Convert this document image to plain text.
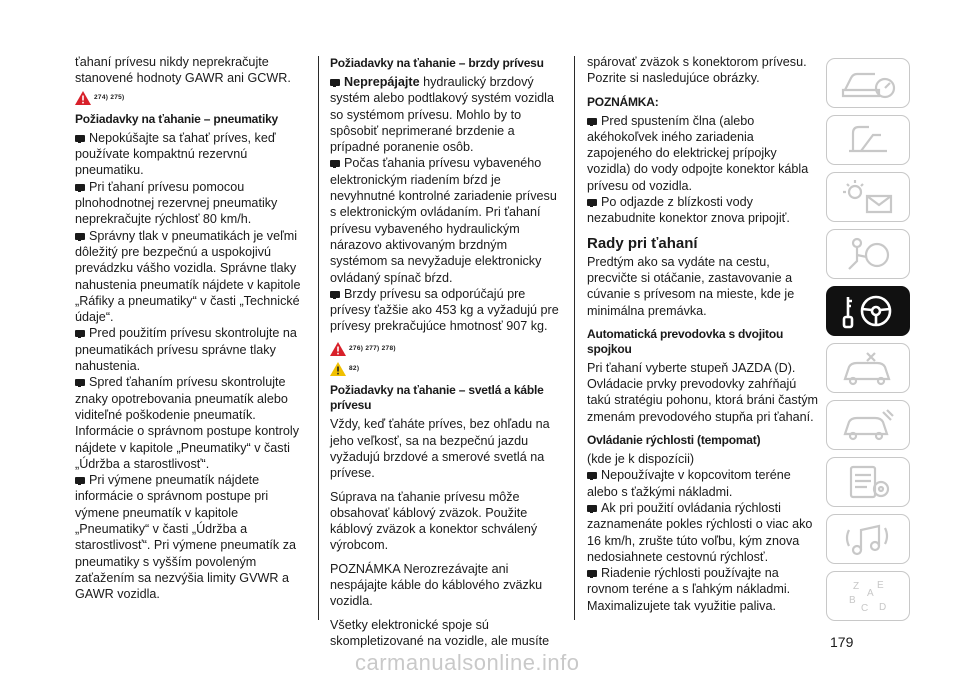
ťahaní prívesu nikdy neprekračujte stanovené hodnoty GAWR ani GCWR.

274) 275)
Požiadavky na ťahanie – pneumatiky

Nepokúšajte sa ťahať príves, keď používate kompaktnú rezervnú pneumatiku.

Pri ťahaní prívesu pomocou plnohodnotnej rezervnej pneumatiky neprekračujte rýchlosť 80 km/h.

Správny tlak v pneumatikách je veľmi dôležitý pre bezpečnú a uspokojivú prevádzku vášho vozidla. Správne tlaky nahustenia pneumatík nájdete v kapitole „Ráfiky a pneumatiky“ v časti „Technické údaje“.

Pred použitím prívesu skontrolujte na pneumatikách prívesu správne tlaky nahustenia.

Spred ťahaním prívesu skontrolujte znaky opotrebovania pneumatík alebo viditeľné poškodenie pneumatík. Informácie o správnom postupe kontroly nájdete v kapitole „Pneumatiky“ v časti „Údržba a starostlivosť“.

Pri výmene pneumatík nájdete informácie o správnom postupe pri výmene pneumatík v kapitole „Pneumatiky“ v časti „Údržba a starostlivosť“. Pri výmene pneumatík za pneumatiky s vyšším povoleným zaťažením sa nezvýšia limity GVWR a GAWR vozidla.

Požiadavky na ťahanie – brzdy prívesu

Neprepájajte hydraulický brzdový systém alebo podtlakový systém vozidla so systémom prívesu. Mohlo by to spôsobiť neprimerané brzdenie a prípadné poranenie osôb.

Počas ťahania prívesu vybaveného elektronickým riadením bŕzd je nevyhnutné kontrolné zariadenie prívesu s elektronickým ovládaním. Pri ťahaní prívesu vybaveného hydraulickým nárazovo aktivovaným brzdným systémom sa nevyžaduje elektronicky ovládaný spínač bŕzd.

Brzdy prívesu sa odporúčajú pre prívesy ťažšie ako 453 kg a vyžadujú pre prívesy prekračujúce hmotnosť 907 kg.

276) 277) 278)
82)
Požiadavky na ťahanie – svetlá a káble prívesu

Vždy, keď ťaháte príves, bez ohľadu na jeho veľkosť, sa na bezpečnú jazdu vyžadujú brzdové a smerové svetlá na prívese.

Súprava na ťahanie prívesu môže obsahovať káblový zväzok. Použite káblový zväzok a konektor schválený výrobcom.

POZNÁMKA Nerozrezávajte ani nespájajte káble do káblového zväzku vozidla.

Všetky elektronické spoje sú skompletizované na vozidle, ale musíte

spárovať zväzok s konektorom prívesu. Pozrite si nasledujúce obrázky.

POZNÁMKA:

Pred spustením člna (alebo akéhokoľvek iného zariadenia zapojeného do elektrickej prípojky vozidla) do vody odpojte konektor kábla prívesu od vozidla.

Po odjazde z blízkosti vody nezabudnite konektor znova pripojiť.

Rady pri ťahaní

Predtým ako sa vydáte na cestu, precvičte si otáčanie, zastavovanie a cúvanie s prívesom na mieste, kde je minimálna premávka.

Automatická prevodovka s dvojitou spojkou

Pri ťahaní vyberte stupeň JAZDA (D). Ovládacie prvky prevodovky zahŕňajú takú stratégiu pohonu, ktorá bráni častým zmenám prevodového stupňa pri ťahaní.

Ovládanie rýchlosti (tempomat)

(kde je k dispozícii)

Nepoužívajte v kopcovitom teréne alebo s ťažkými nákladmi.

Ak pri použití ovládania rýchlosti zaznamenáte pokles rýchlosti o viac ako 16 km/h, zrušte túto voľbu, kým znova nedosiahnete cestovnú rýchlosť.

Riadenie rýchlosti používajte na rovnom teréne a s ľahkým nákladmi. Maximalizujete tak využitie paliva.

Z E
A
B
C D
179
carmanualsonline.info
